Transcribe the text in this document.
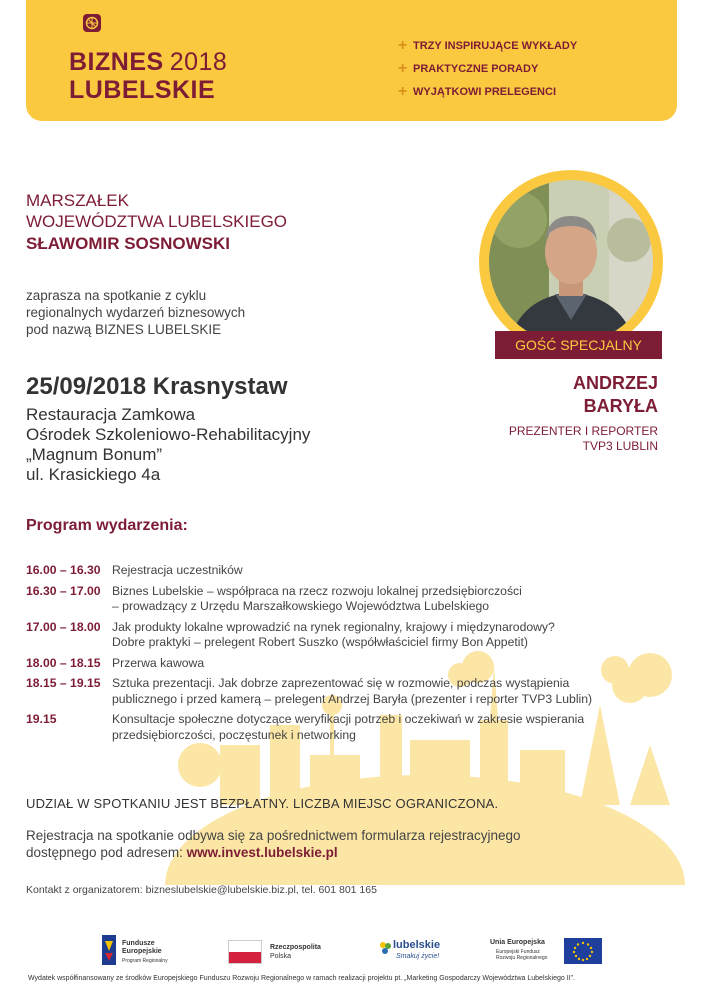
BIZNES 2018
LUBELSKIE
+ TRZY INSPIRUJĄCE WYKŁADY
+ PRAKTYCZNE PORADY
+ WYJĄTKOWI PRELEGENCI
MARSZAŁEK
WOJEWÓDZTWA LUBELSKIEGO
SŁAWOMIR SOSNOWSKI
zaprasza na spotkanie z cyklu
regionalnych wydarzeń biznesowych
pod nazwą BIZNES LUBELSKIE
25/09/2018 Krasnystaw
Restauracja Zamkowa
Ośrodek Szkoleniowo-Rehabilitacyjny
„Magnum Bonum”
ul. Krasickiego 4a
GOŚĆ SPECJALNY
ANDRZEJ
BARYŁA
PREZENTER I REPORTER
TVP3 LUBLIN
Program wydarzenia:
16.00 – 16.30 Rejestracja uczestników
16.30 – 17.00 Biznes Lubelskie – współpraca na rzecz rozwoju lokalnej przedsiębiorczości
– prowadzący z Urzędu Marszałkowskiego Województwa Lubelskiego
17.00 – 18.00 Jak produkty lokalne wprowadzić na rynek regionalny, krajowy i międzynarodowy?
Dobre praktyki – prelegent Robert Suszko (współwłaściciel firmy Bon Appetit)
18.00 – 18.15 Przerwa kawowa
18.15 – 19.15 Sztuka prezentacji. Jak dobrze zaprezentować się w rozmowie, podczas wystąpienia
publicznego i przed kamerą – prelegent Andrzej Baryła (prezenter i reporter TVP3 Lublin)
19.15	Konsultacje społeczne dotyczące weryfikacji potrzeb i oczekiwań w zakresie wspierania
przedsiębiorczości, poczęstunek i networking
UDZIAŁ W SPOTKANIU JEST BEZPŁATNY. LICZBA MIEJSC OGRANICZONA.
Rejestracja na spotkanie odbywa się za pośrednictwem formularza rejestracyjnego
dostępnego pod adresem: www.invest.lubelskie.pl
Kontakt z organizatorem: bizneslubelskie@lubelskie.biz.pl, tel. 601 801 165
Fundusze
Europejskie
Program Regionalny
Rzeczpospolita
Polska
lubelskie
Smakuj życie!
Unia Europejska
Europejski Fundusz
Rozwoju Regionalnego
Wydatek współfinansowany ze środków Europejskiego Funduszu Rozwoju Regionalnego w ramach realizacji projektu pt. „Marketing Gospodarczy Województwa Lubelskiego II”.
